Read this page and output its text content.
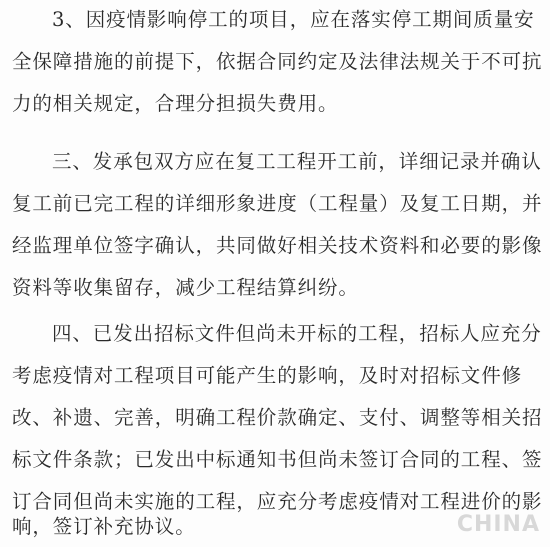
3、因疫情影响停工的项目，应在落实停工期间质量安
全保障措施的前提下，依据合同约定及法律法规关于不可抗
力的相关规定，合理分担损失费用。
三、发承包双方应在复工工程开工前，详细记录并确认
复工前已完工程的详细形象进度（工程量）及复工日期，并
经监理单位签字确认，共同做好相关技术资料和必要的影像
资料等收集留存，减少工程结算纠纷。
四、已发出招标文件但尚未开标的工程，招标人应充分
考虑疫情对工程项目可能产生的影响，及时对招标文件修
改、补遗、完善，明确工程价款确定、支付、调整等相关招
标文件条款；已发出中标通知书但尚未签订合同的工程、签
订合同但尚未实施的工程，应充分考虑疫情对工程进价的影
响，签订补充协议。	CHINA
